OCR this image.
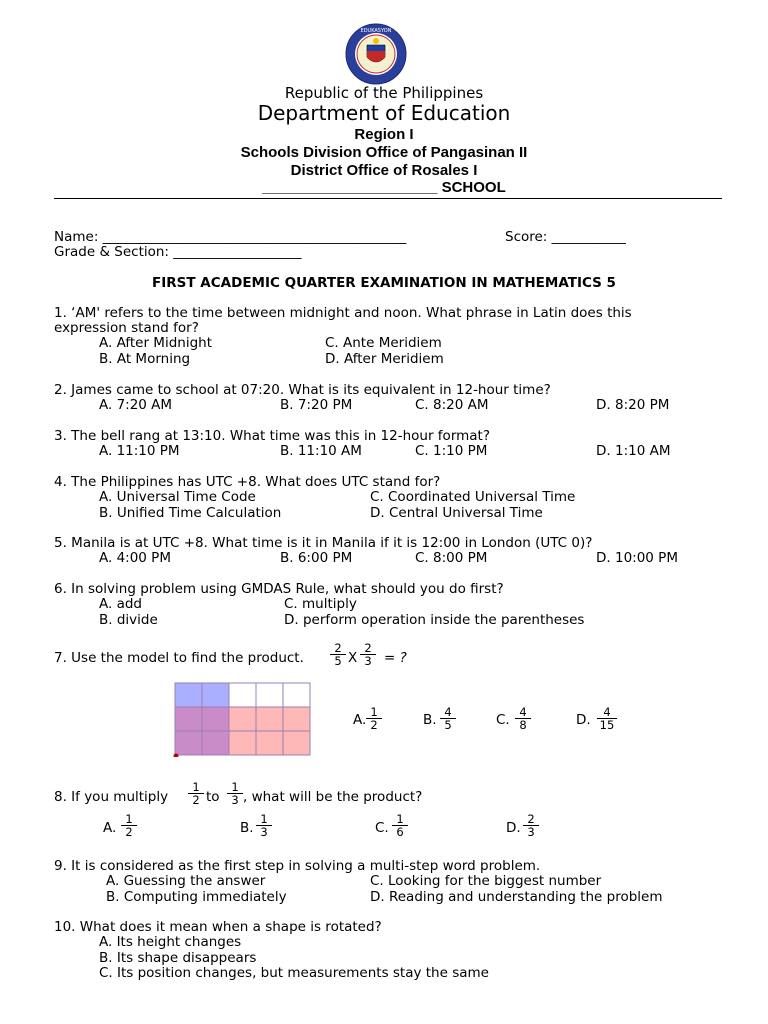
EDUKASYON
Republic of the Philippines
Department of Education
Region I
Schools Division Office of Pangasinan II
District Office of Rosales I
_____________________ SCHOOL
Name: _____________________________________________	Score: ___________
Grade & Section: ___________________
FIRST ACADEMIC QUARTER EXAMINATION IN MATHEMATICS 5
1. ‘AM' refers to the time between midnight and noon. What phrase in Latin does this
expression stand for?
A. After Midnight	C. Ante Meridiem
B. At Morning	D. After Meridiem
2. James came to school at 07:20. What is its equivalent in 12-hour time?
A. 7:20 AM	B. 7:20 PM	C. 8:20 AM	D. 8:20 PM
3. The bell rang at 13:10. What time was this in 12-hour format?
A. 11:10 PM	B. 11:10 AM	C. 1:10 PM	D. 1:10 AM
4. The Philippines has UTC +8. What does UTC stand for?
A. Universal Time Code	C. Coordinated Universal Time
B. Unified Time Calculation	D. Central Universal Time
5. Manila is at UTC +8. What time is it in Manila if it is 12:00 in London (UTC 0)?
A. 4:00 PM	B. 6:00 PM	C. 8:00 PM	D. 10:00 PM
6. In solving problem using GMDAS Rule, what should you do first?
A. add	C. multiply
B. divide	D. perform operation inside the parentheses
7. Use the model to find the product. $\frac{2}{5}$ X $\frac{2}{3}$ = ?
A. $\frac{1}{2}$	B. $\frac{4}{5}$	C. $\frac{4}{8}$	D. $\frac{4}{15}$
8. If you multiply $\frac{1}{2}$ to $\frac{1}{3}$ , what will be the product?
A. $\frac{1}{2}$	B. $\frac{1}{3}$	C. $\frac{1}{6}$	D. $\frac{2}{3}$
9. It is considered as the first step in solving a multi-step word problem.
A. Guessing the answer	C. Looking for the biggest number
B. Computing immediately	D. Reading and understanding the problem
10. What does it mean when a shape is rotated?
A. Its height changes
B. Its shape disappears
C. Its position changes, but measurements stay the same
